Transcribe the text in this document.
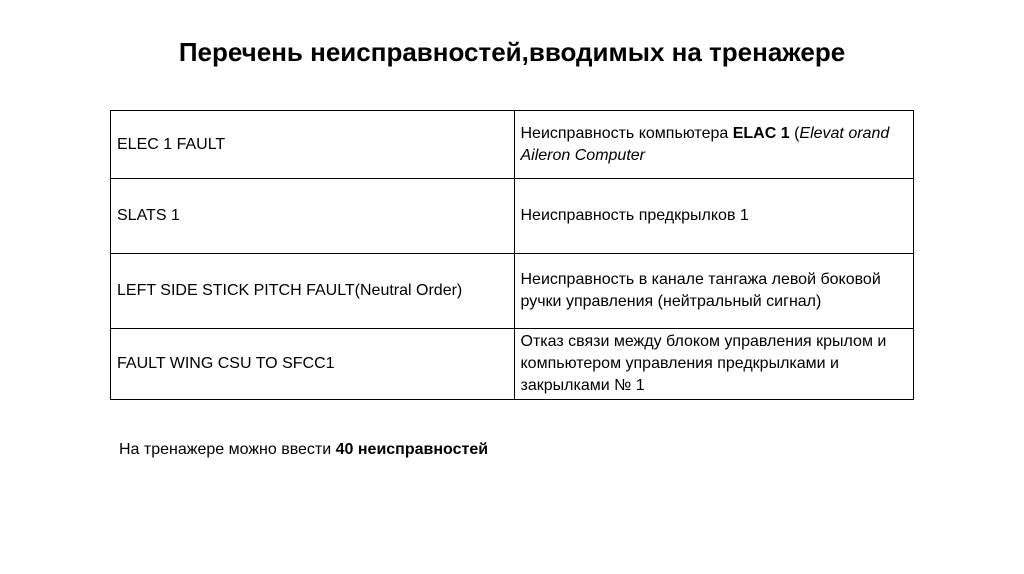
Перечень неисправностей,вводимых на тренажере
ELEC 1 FAULT	Неисправность компьютера ELAC 1 (Elevat orand Aileron Computer
SLATS 1	Неисправность предкрылков 1
LEFT SIDE STICK PITCH FAULT(Neutral Order)	Неисправность в канале тангажа левой боковой ручки управления (нейтральный сигнал)
FAULT WING CSU TO SFCC1	Отказ связи между блоком управления крылом и компьютером управления предкрылками и закрылками № 1

На тренажере можно ввести 40 неисправностей
